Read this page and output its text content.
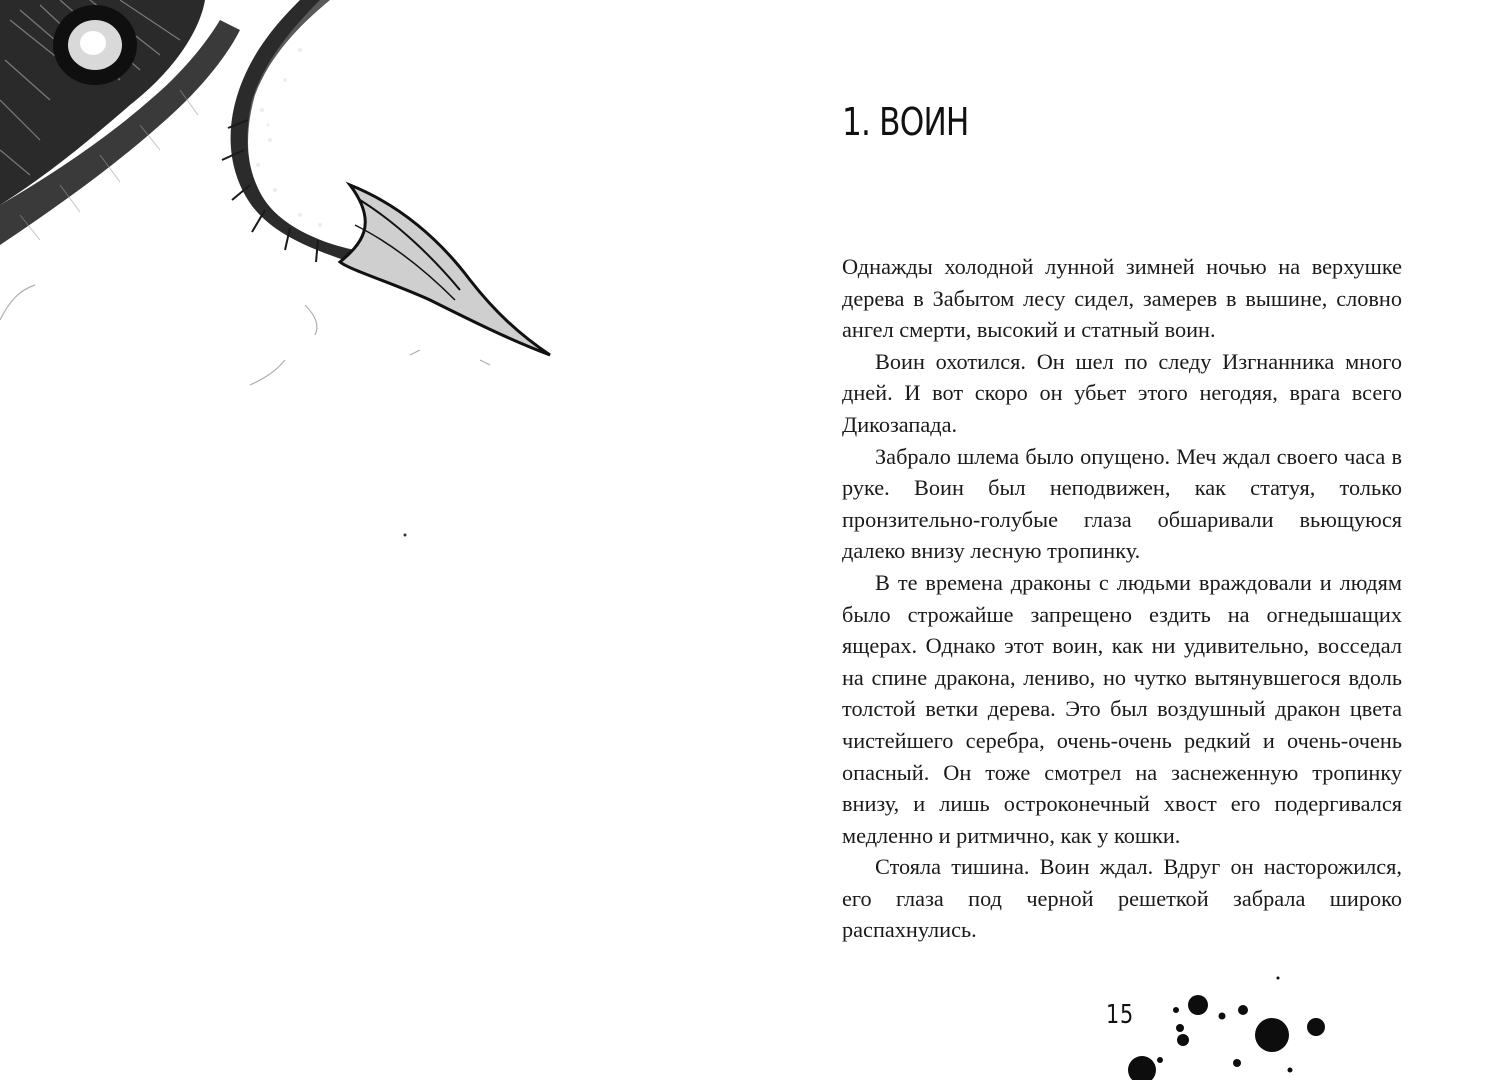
1. ВОИН

Однажды холодной лунной зимней ночью на верхушке дерева в Забытом лесу сидел, замерев в вышине, словно ангел смерти, высокий и статный воин.

Воин охотился. Он шел по следу Изгнанника много дней. И вот скоро он убьет этого негодяя, врага всего Дикозапада.

Забрало шлема было опущено. Меч ждал своего часа в руке. Воин был неподвижен, как статуя, только пронзительно-голубые глаза обшаривали вьющуюся далеко внизу лесную тропинку.

В те времена драконы с людьми враждовали и людям было строжайше запрещено ездить на огнедышащих ящерах. Однако этот воин, как ни удивительно, восседал на спине дракона, лениво, но чутко вытянувшегося вдоль толстой ветки дерева. Это был воздушный дракон цвета чистейшего серебра, очень-очень редкий и очень-очень опасный. Он тоже смотрел на заснеженную тропинку внизу, и лишь остроконечный хвост его подергивался медленно и ритмично, как у кошки.

Стояла тишина. Воин ждал. Вдруг он насторожился, его глаза под черной решеткой забрала широко распахнулись.

15
